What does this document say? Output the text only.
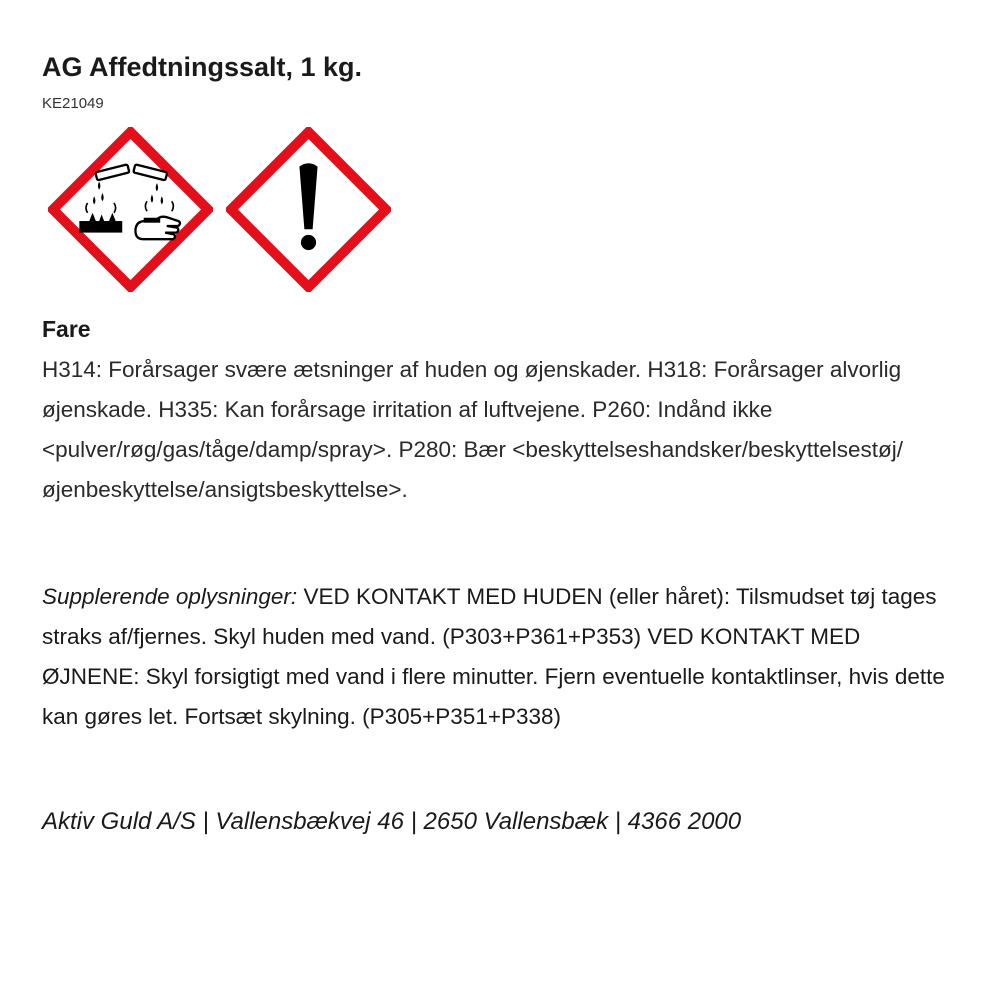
AG Affedtningssalt, 1 kg.
KE21049
Fare

H314: Forårsager svære ætsninger af huden og øjenskader. H318: Forårsager alvorlig øjenskade. H335: Kan forårsage irritation af luftvejene. P260: Indånd ikke <pulver/røg/gas/tåge/damp/spray>. P280: Bær <beskyttelseshandsker/beskyttelsestøj/ øjenbeskyttelse/ansigtsbeskyttelse>.

Supplerende oplysninger: VED KONTAKT MED HUDEN (eller håret): Tilsmudset tøj tages straks af/fjernes. Skyl huden med vand. (P303+P361+P353) VED KONTAKT MED ØJNENE: Skyl forsigtigt med vand i flere minutter. Fjern eventuelle kontaktlinser, hvis dette kan gøres let. Fortsæt skylning. (P305+P351+P338)

Aktiv Guld A/S | Vallensbækvej 46 | 2650 Vallensbæk | 4366 2000
